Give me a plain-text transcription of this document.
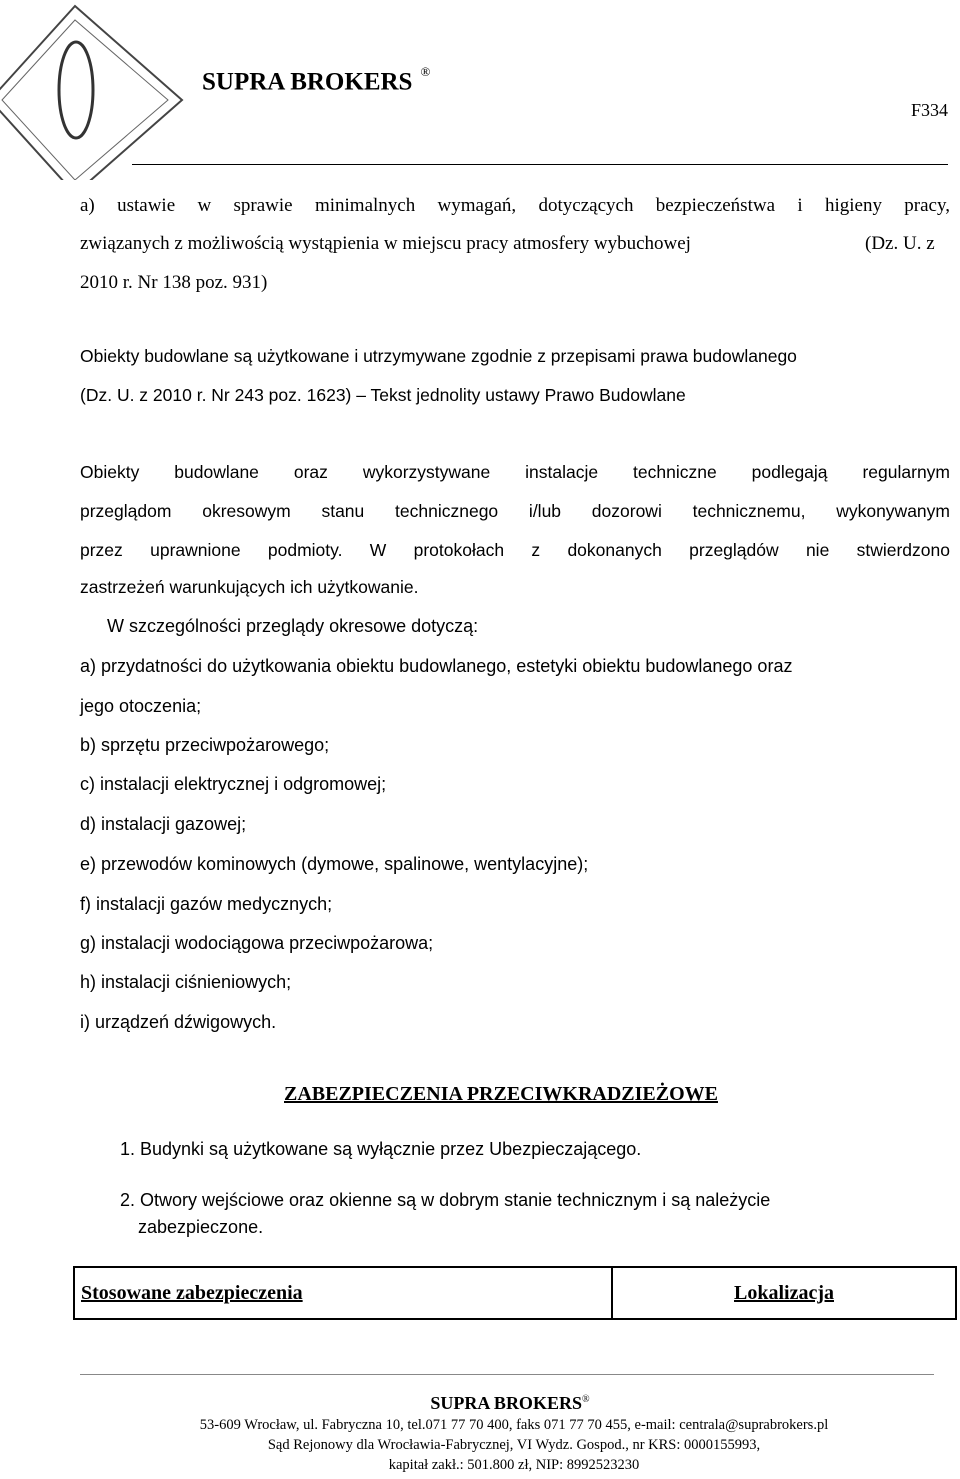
SUPRA BROKERS ®
F334
a) ustawie w sprawie minimalnych wymagań, dotyczących bezpieczeństwa i higieny pracy,
związanych z możliwością wystąpienia w miejscu pracy atmosfery wybuchowej	(Dz. U. z
2010 r. Nr 138 poz. 931)
Obiekty budowlane są użytkowane i utrzymywane zgodnie z przepisami prawa budowlanego
(Dz. U. z 2010 r. Nr 243 poz. 1623) – Tekst jednolity ustawy Prawo Budowlane
Obiekty budowlane oraz wykorzystywane instalacje techniczne podlegają regularnym
przeglądom okresowym stanu technicznego i/lub dozorowi technicznemu, wykonywanym
przez uprawnione podmioty. W protokołach z dokonanych przeglądów nie stwierdzono
zastrzeżeń warunkujących ich użytkowanie.
W szczególności przeglądy okresowe dotyczą:
a) przydatności do użytkowania obiektu budowlanego, estetyki obiektu budowlanego oraz
jego otoczenia;
b) sprzętu przeciwpożarowego;
c) instalacji elektrycznej i odgromowej;
d) instalacji gazowej;
e) przewodów kominowych (dymowe, spalinowe, wentylacyjne);
f) instalacji gazów medycznych;
g) instalacji wodociągowa przeciwpożarowa;
h) instalacji ciśnieniowych;
i) urządzeń dźwigowych.
ZABEZPIECZENIA PRZECIWKRADZIEŻOWE
1. Budynki są użytkowane są wyłącznie przez Ubezpieczającego.
2. Otwory wejściowe oraz okienne są w dobrym stanie technicznym i są należycie
zabezpieczone.
Stosowane zabezpieczenia	Lokalizacja
SUPRA BROKERS®
53-609 Wrocław, ul. Fabryczna 10, tel.071 77 70 400, faks 071 77 70 455, e-mail: centrala@suprabrokers.pl
Sąd Rejonowy dla Wrocławia-Fabrycznej, VI Wydz. Gospod., nr KRS: 0000155993,
kapitał zakł.: 501.800 zł, NIP: 8992523230
